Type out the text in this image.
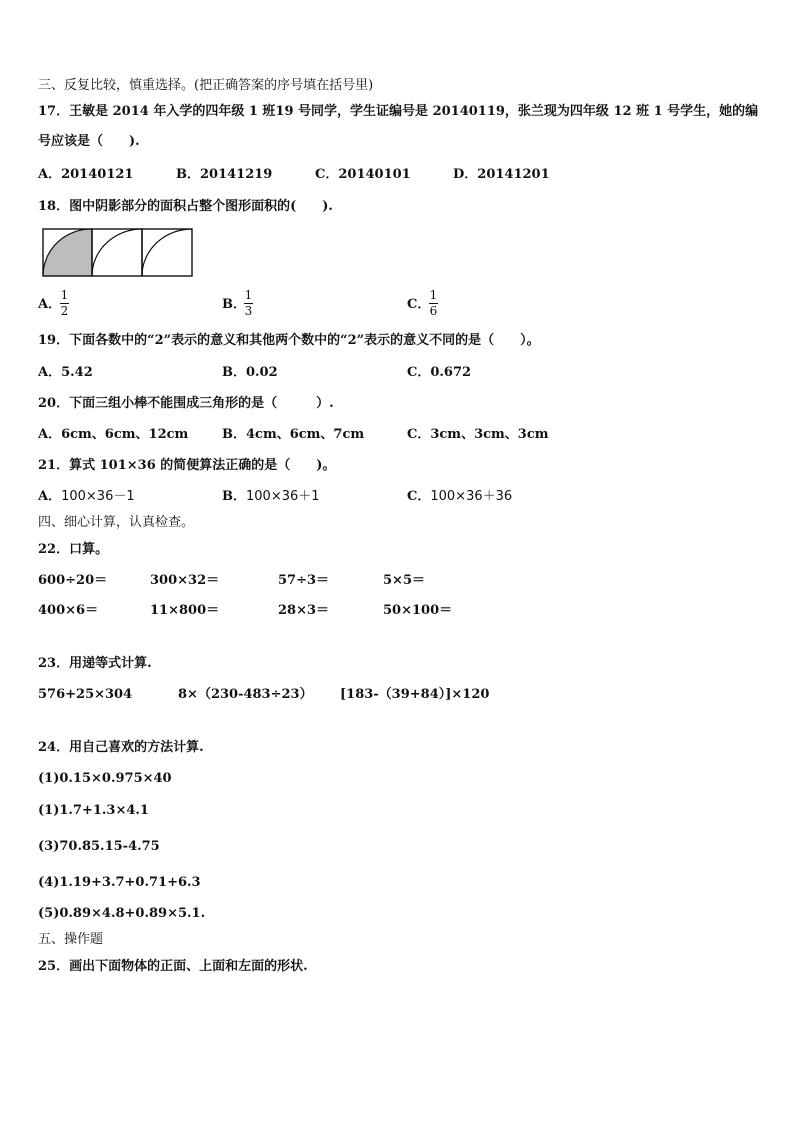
三、反复比较，慎重选择。(把正确答案的序号填在括号里)
17．王敏是 2014 年入学的四年级 1 班19 号同学，学生证编号是 20140119，张兰现为四年级 12 班 1 号学生，她的编
号应该是（　　).
A．20140121	B．20141219	C．20140101	D．20141201
18．图中阴影部分的面积占整个图形面积的(　　).
A．
1
2	B．
1
3	C．
1
6
19．下面各数中的“2”表示的意义和其他两个数中的“2”表示的意义不同的是（　　）。
A．5.42	B．0.02	C．0.672
20．下面三组小棒不能围成三角形的是（　　　）.
A．6cm、6cm、12cm	B．4cm、6cm、7cm	C．3cm、3cm、3cm
21．算式 101×36 的简便算法正确的是（　　)。
A．100×36－1	B．100×36＋1	C．100×36＋36
四、细心计算，认真检查。
22．口算。
600÷20＝	300×32＝	57÷3＝	5×5＝
400×6＝	11×800＝	28×3＝	50×100＝
23．用递等式计算.
576+25×304	8×（230-483÷23） [183-（39+84）]×120
24．用自己喜欢的方法计算.
(1)0.15×0.975×40
(1)1.7+1.3×4.1
(3)70.85.15-4.75
(4)1.19+3.7+0.71+6.3
(5)0.89×4.8+0.89×5.1.
五、操作题
25．画出下面物体的正面、上面和左面的形状.
